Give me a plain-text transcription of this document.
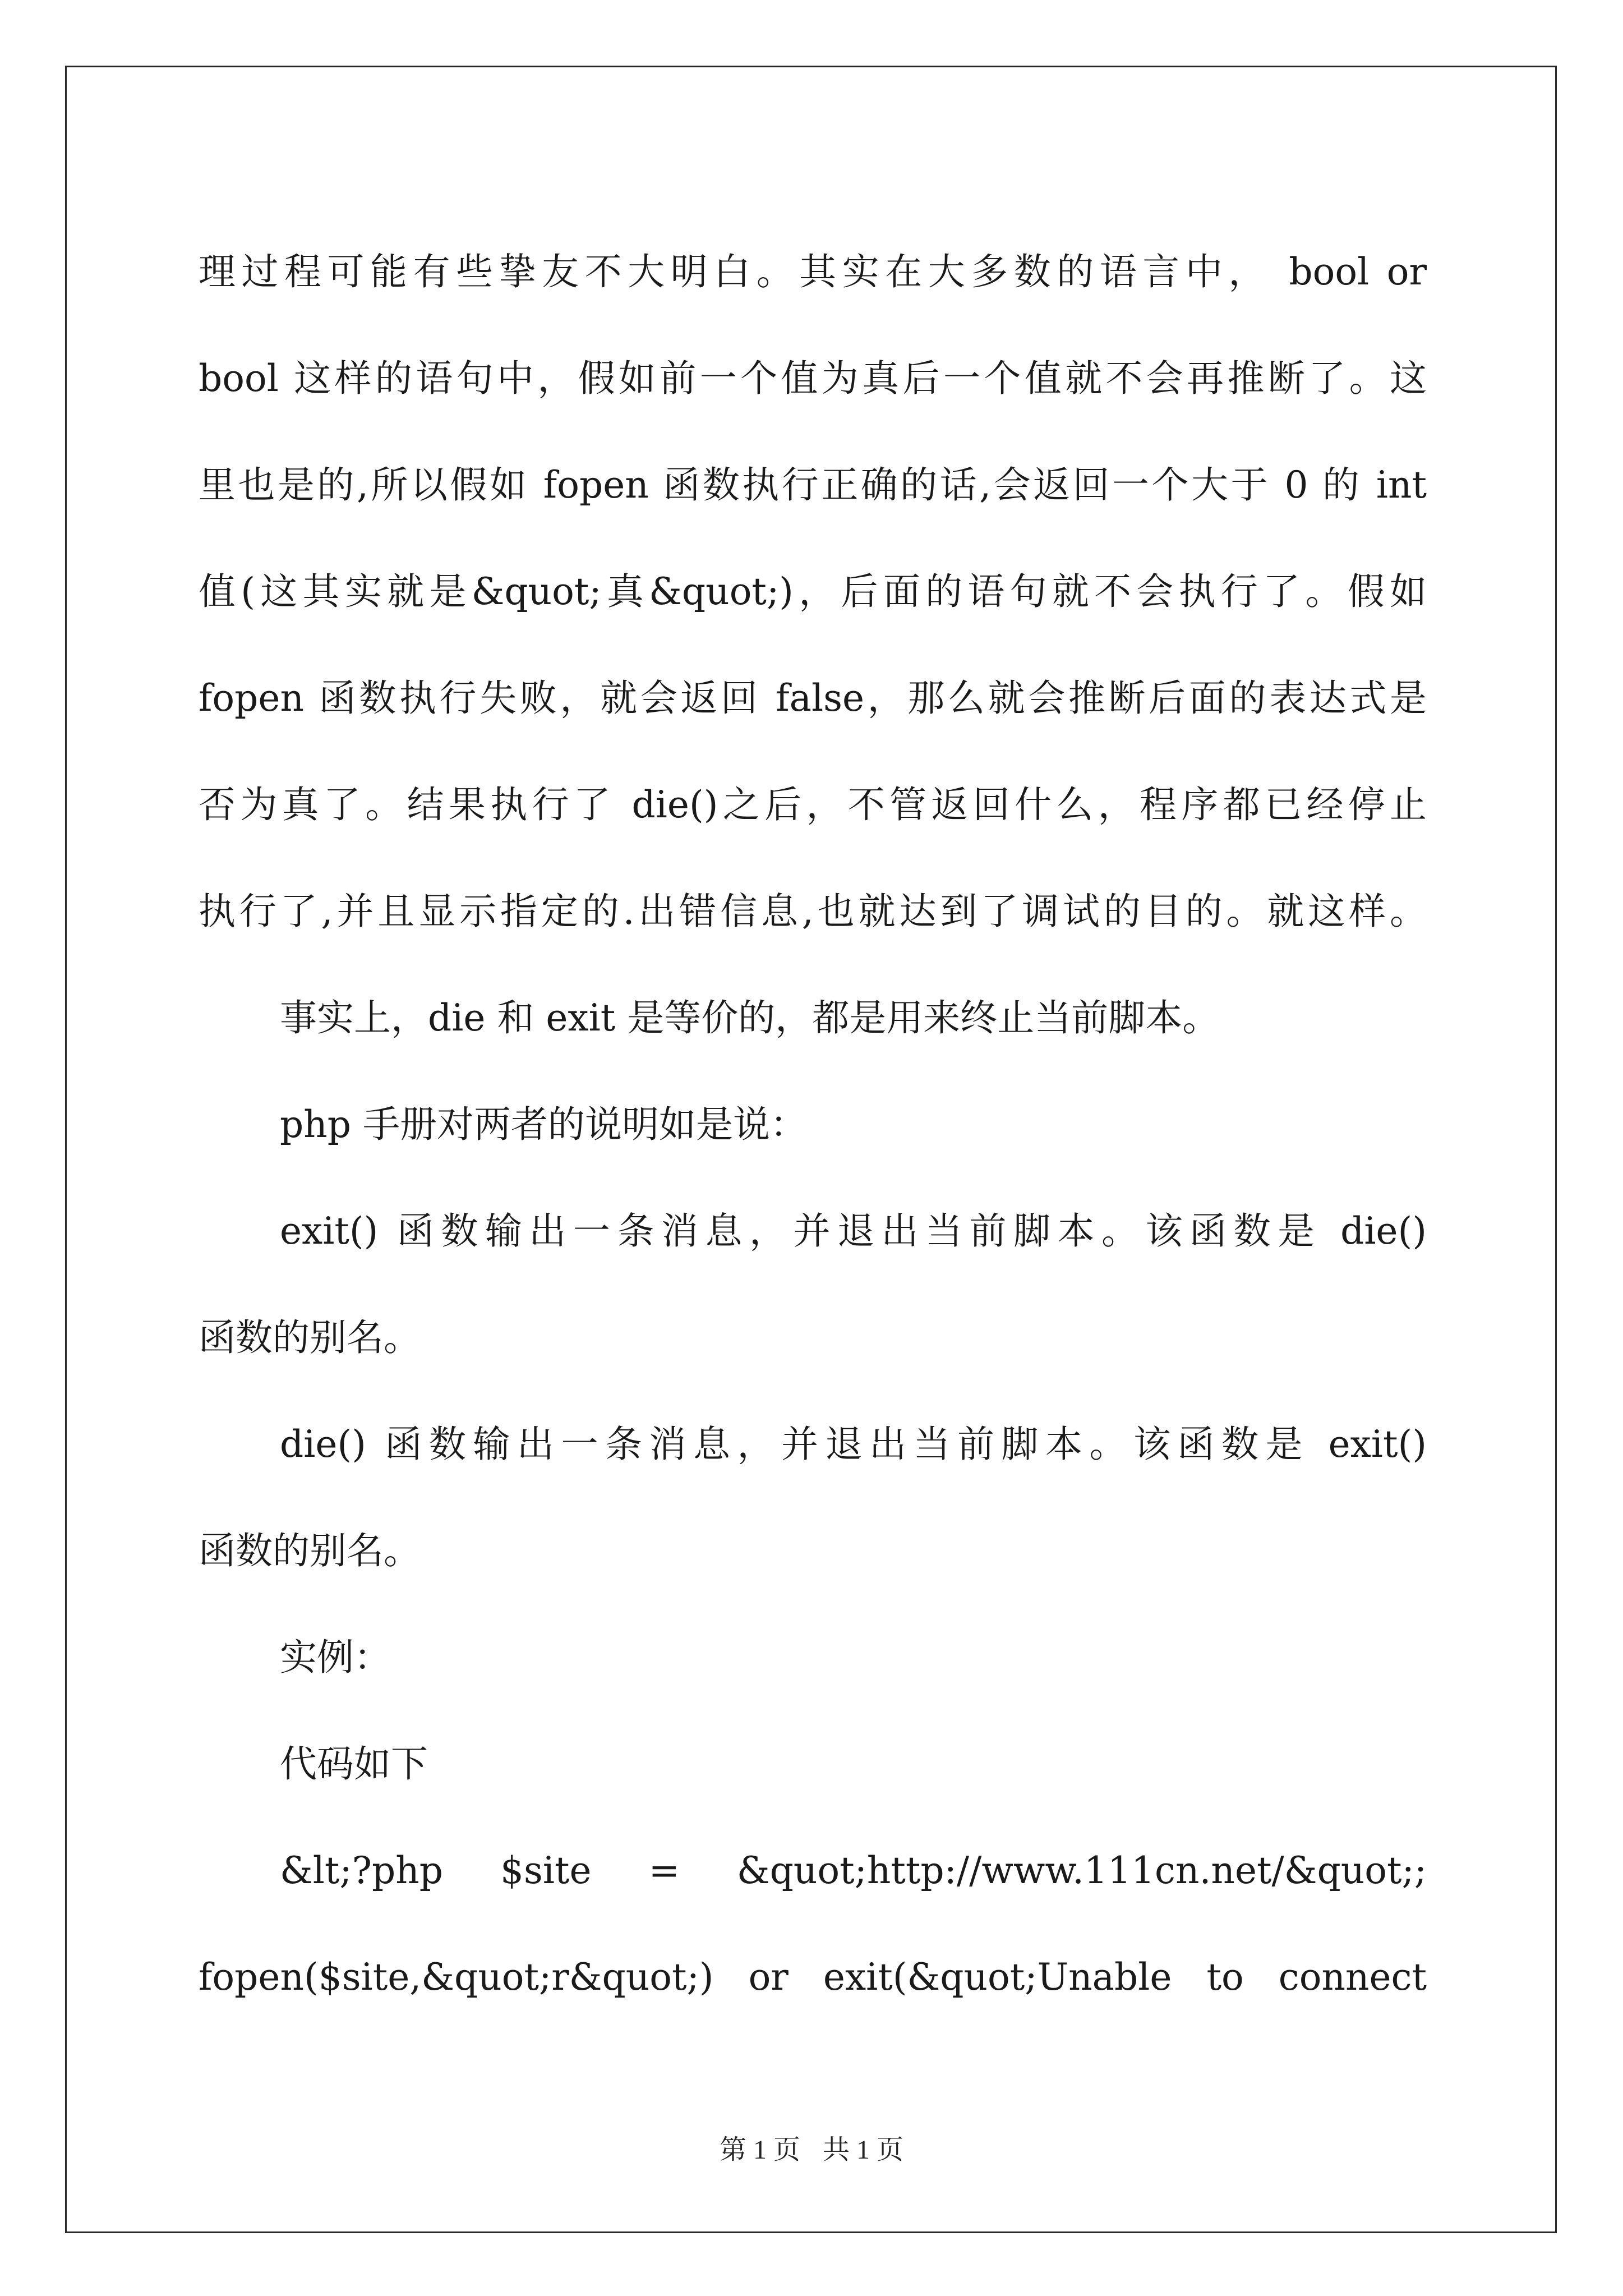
理过程可能有些挚友不大明白。其实在大多数的语言中， bool or
bool 这样的语句中，假如前一个值为真后一个值就不会再推断了。这
里也是的,所以假如 fopen 函数执行正确的话,会返回一个大于 0 的 int
值(这其实就是&quot;真&quot;)，后面的语句就不会执行了。假如
fopen 函数执行失败，就会返回 false，那么就会推断后面的表达式是
否为真了。结果执行了 die()之后，不管返回什么，程序都已经停止
执行了,并且显示指定的.出错信息,也就达到了调试的目的。就这样。
事实上，die 和 exit 是等价的，都是用来终止当前脚本。
php 手册对两者的说明如是说：
exit() 函数输出一条消息，并退出当前脚本。该函数是 die()
函数的别名。
die() 函数输出一条消息，并退出当前脚本。该函数是 exit()
函数的别名。
实例：
代码如下
&lt;?php $site = &quot;http://www.111cn.net/&quot;;
fopen($site,&quot;r&quot;) or exit(&quot;Unable to connect
第 1 页 共 1 页
